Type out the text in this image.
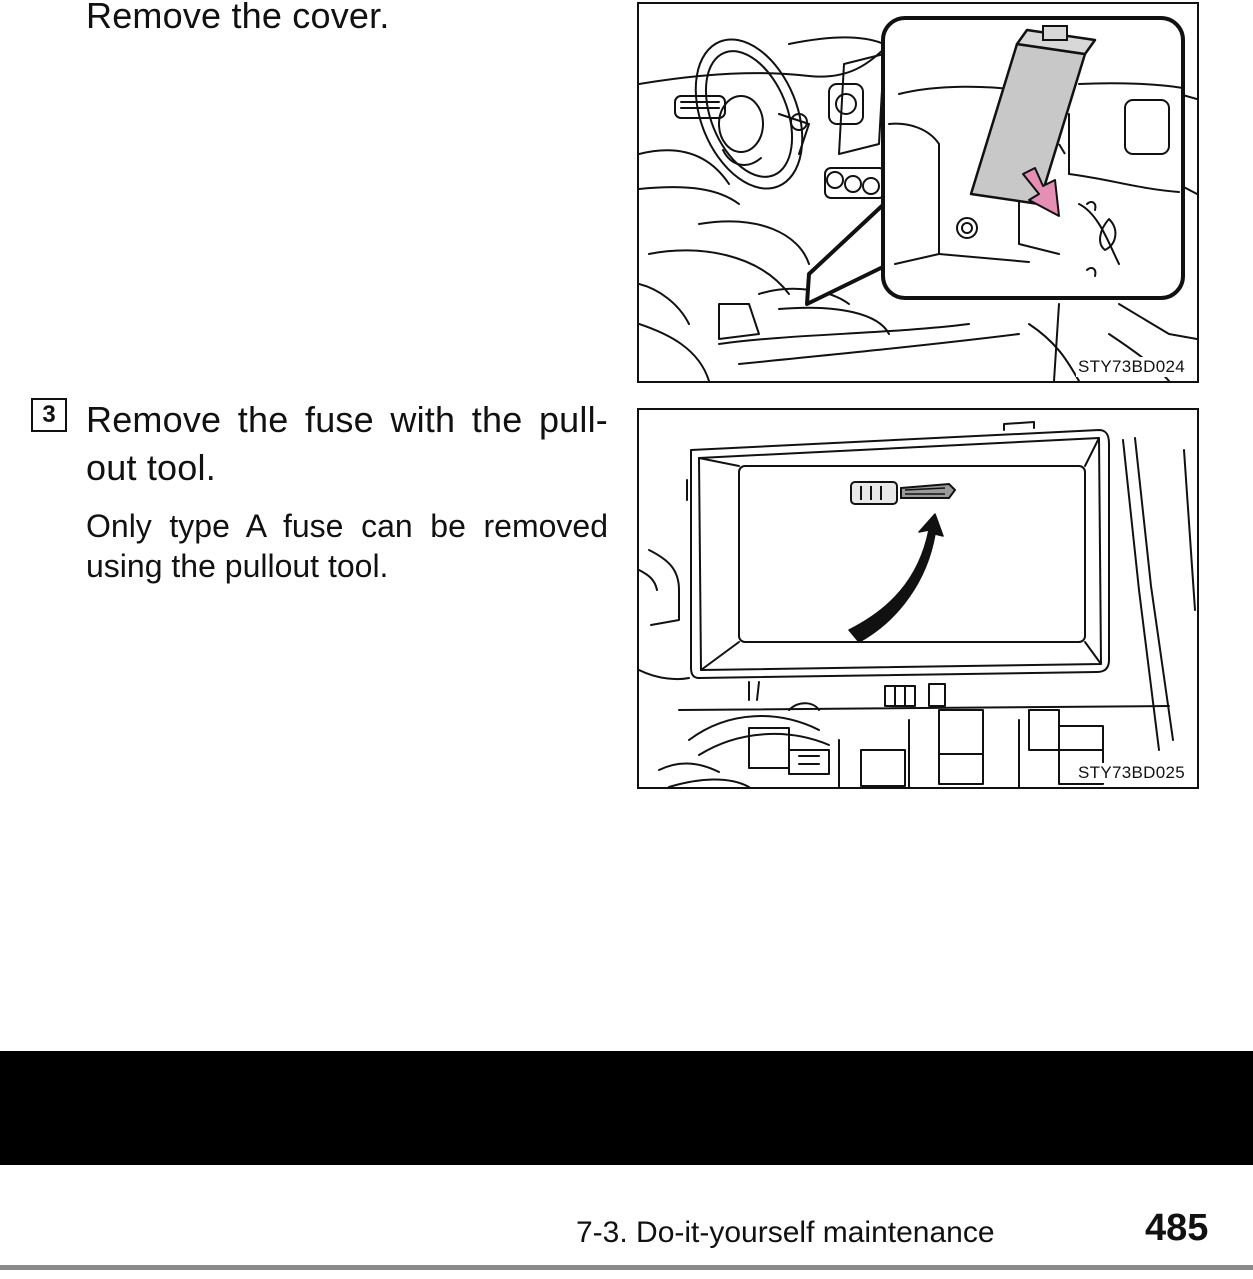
Remove the cover.
STY73BD024
3 Remove the fuse with the pull-out tool.
Only type A fuse can be removed using the pullout tool.
STY73BD025
7-3. Do-it-yourself maintenance	485
